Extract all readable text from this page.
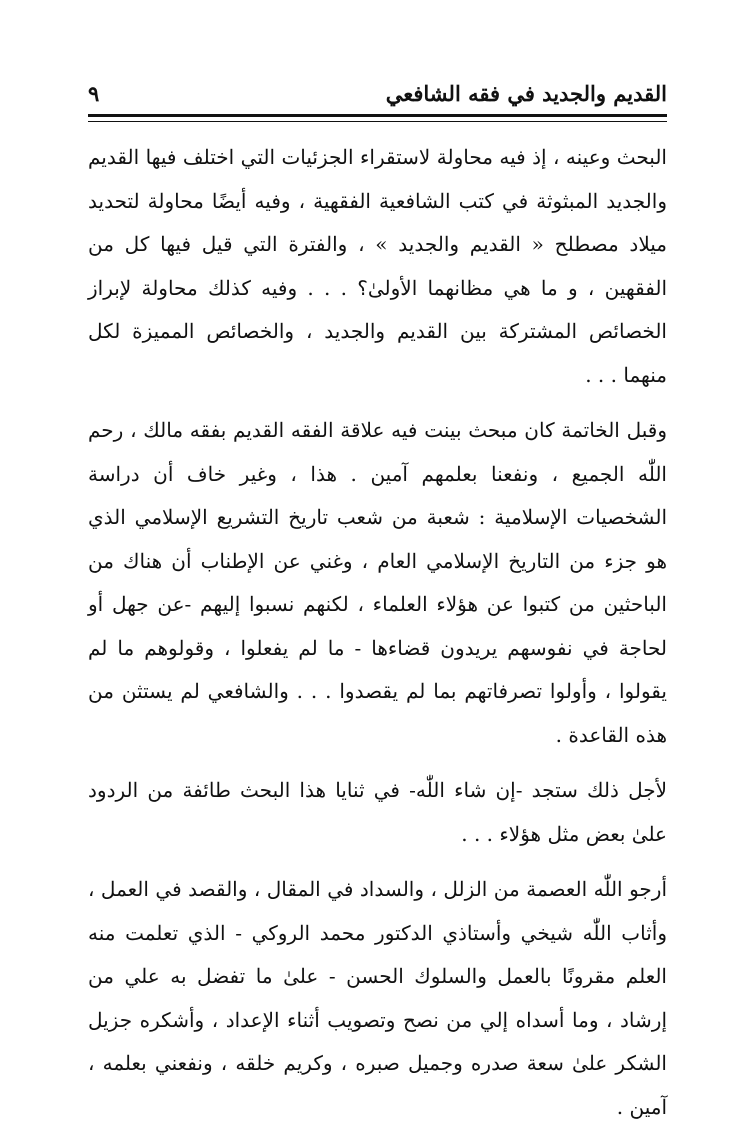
٩	القديم والجديد في فقه الشافعي

البحث وعينه ، إذ فيه محاولة لاستقراء الجزئيات التي اختلف فيها القديم والجديد المبثوثة في كتب الشافعية الفقهية ، وفيه أيضًا محاولة لتحديد ميلاد مصطلح « القديم والجديد » ، والفترة التي قيل فيها كل من الفقهين ، و ما هي مظانهما الأولىٰ؟ . . . وفيه كذلك محاولة لإبراز الخصائص المشتركة بين القديم والجديد ، والخصائص المميزة لكل منهما . . .

وقبل الخاتمة كان مبحث بينت فيه علاقة الفقه القديم بفقه مالك ، رحم اللّٰه الجميع ، ونفعنا بعلمهم آمين . هذا ، وغير خاف أن دراسة الشخصيات الإسلامية : شعبة من شعب تاريخ التشريع الإسلامي الذي هو جزء من التاريخ الإسلامي العام ، وغني عن الإطناب أن هناك من الباحثين من كتبوا عن هؤلاء العلماء ، لكنهم نسبوا إليهم -عن جهل أو لحاجة في نفوسهم يريدون قضاءها - ما لم يفعلوا ، وقولوهم ما لم يقولوا ، وأولوا تصرفاتهم بما لم يقصدوا . . . والشافعي لم يستثن من هذه القاعدة .

لأجل ذلك ستجد -إن شاء اللّٰه- في ثنايا هذا البحث طائفة من الردود علىٰ بعض مثل هؤلاء . . .

أرجو اللّٰه العصمة من الزلل ، والسداد في المقال ، والقصد في العمل ، وأثاب اللّٰه شيخي وأستاذي الدكتور محمد الروكي - الذي تعلمت منه العلم مقرونًا بالعمل والسلوك الحسن - علىٰ ما تفضل به علي من إرشاد ، وما أسداه إلي من نصح وتصويب أثناء الإعداد ، وأشكره جزيل الشكر علىٰ سعة صدره وجميل صبره ، وكريم خلقه ، ونفعني بعلمه ، آمين .
